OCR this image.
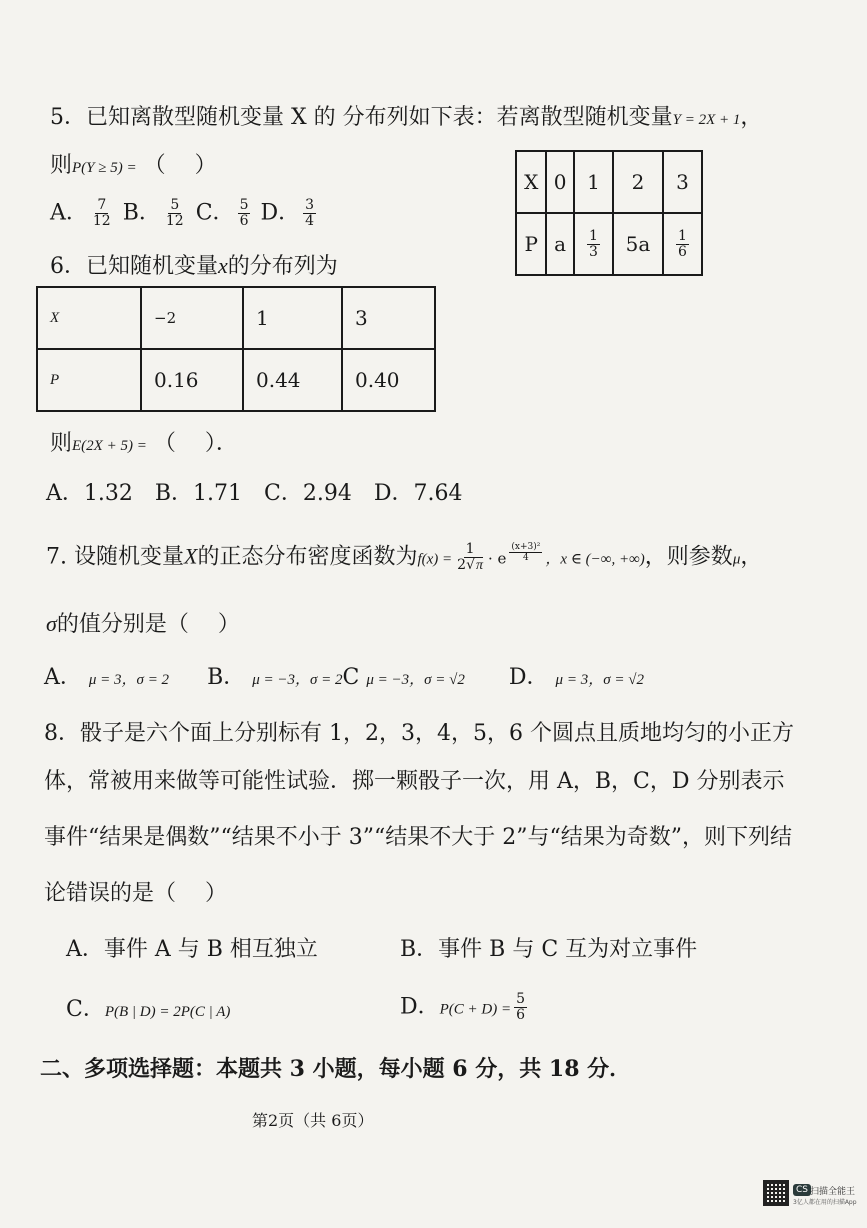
5．已知离散型随机变量 X 的 分布列如下表：若离散型随机变量Y = 2X + 1，
则P(Y ≥ 5) = （　 ）
A． $\frac{7}{12}$ B． $\frac{5}{12}$ C． $\frac{5}{6}$ D． $\frac{3}{4}$
X	0	1	2	3
P	a	$\frac{1}{3}$	5a	$\frac{1}{6}$
6．已知随机变量x的分布列为
X	−2	1	3
P	0.16	0.44	0.40
则E(2X + 5) = （　 ）．
A．1.32　B．1.71　C．2.94　D．7.64
7. 设随机变量X的正态分布密度函数为$f(x) = \frac{1}{2√\pi} \cdot e$ $^{\frac{\text{(x+3)²}}{4}}$ ，x ∈ (−∞, +∞)，则参数μ，
σ的值分别是（　 ）
A． μ = 3，σ = 2 B． μ = −3，σ = 2C μ = −3，σ = √2 D． μ = 3，σ = √2
8．骰子是六个面上分别标有 1，2，3，4，5，6 个圆点且质地均匀的小正方
体，常被用来做等可能性试验．掷一颗骰子一次，用 A，B，C，D 分别表示
事件“结果是偶数”“结果不小于 3”“结果不大于 2”与“结果为奇数”，则下列结
论错误的是（　 ）
A．事件 A 与 B 相互独立	B．事件 B 与 C 互为对立事件
C．P(B | D) = 2P(C | A)	D．$P(C + D) = \frac{5}{6}$
二、多项选择题：本题共 3 小题，每小题 6 分，共 18 分．
第2页（共 6页）
CS 扫描全能王
3亿人都在用的扫描App
